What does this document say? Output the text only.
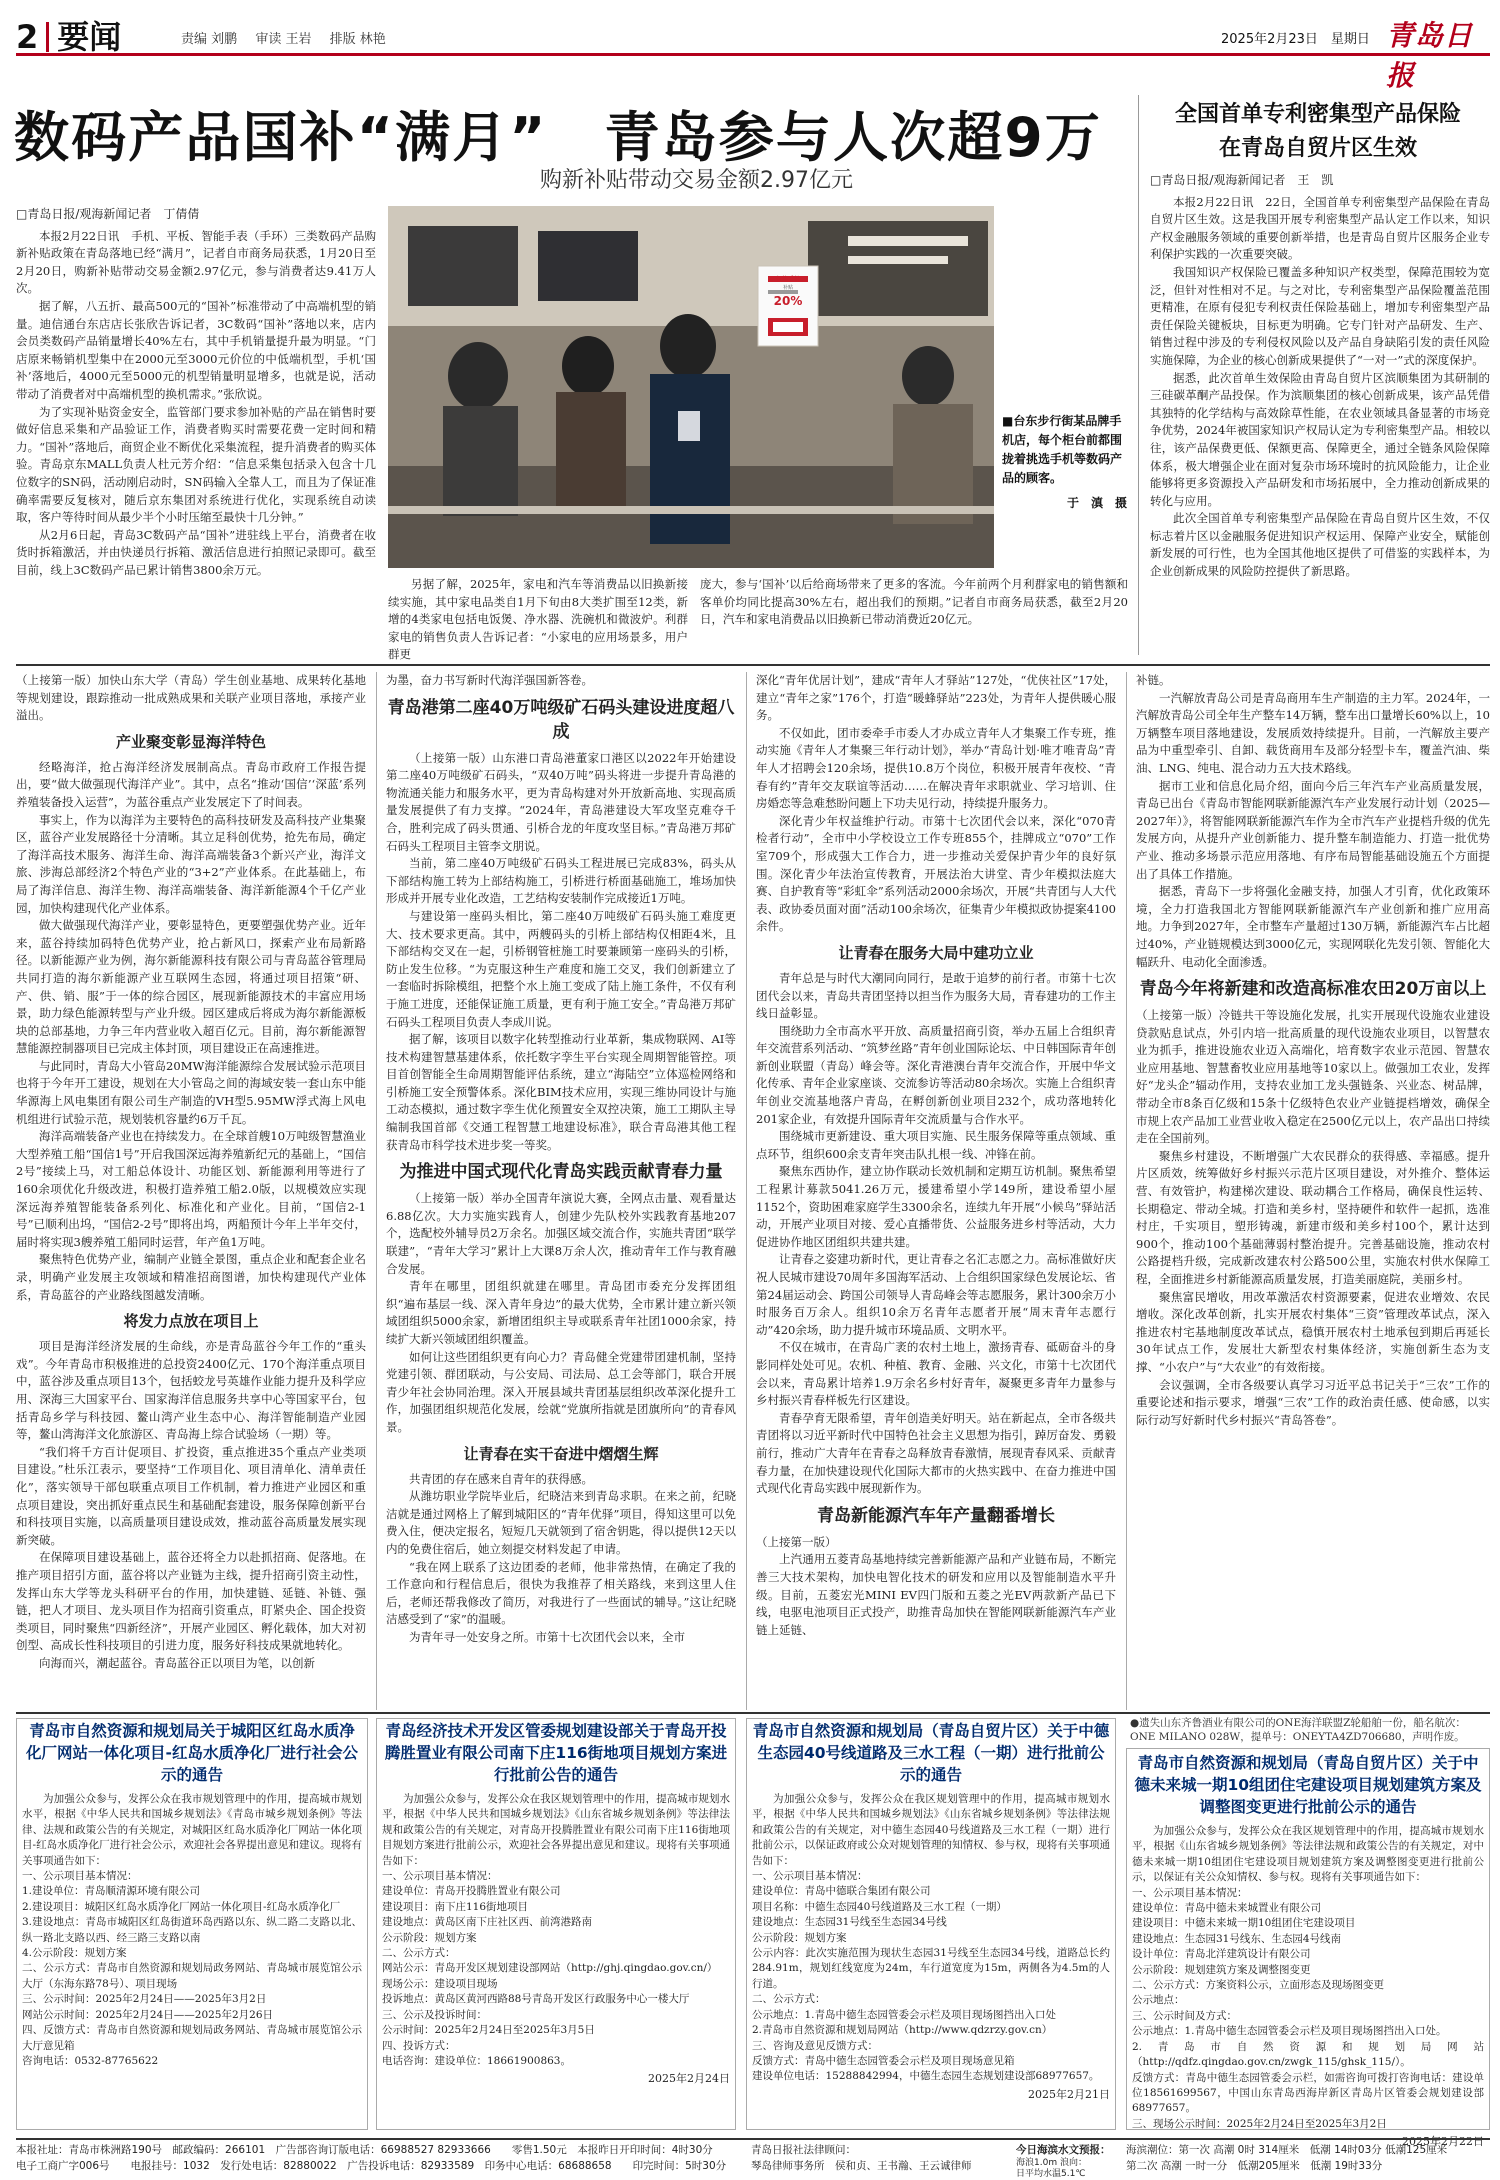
2 要闻	责编 刘鹏 审读 王岩 排版 林艳	2025年2月23日　星期日 青岛日报
数码产品国补“满月”　青岛参与人次超9万
购新补贴带动交易金额2.97亿元
全国首单专利密集型产品保险
在青岛自贸片区生效
□青岛日报/观海新闻记者　丁倩倩

本报2月22日讯　手机、平板、智能手表（手环）三类数码产品购新补贴政策在青岛落地已经“满月”，记者自市商务局获悉，1月20日至2月20日，购新补贴带动交易金额2.97亿元，参与消费者达9.41万人次。

据了解，八五折、最高500元的“国补”标准带动了中高端机型的销量。迪信通台东店店长张欣告诉记者，3C数码“国补”落地以来，店内会员类数码产品销量增长40%左右，其中手机销量提升最为明显。“门店原来畅销机型集中在2000元至3000元价位的中低端机型，手机‘国补’落地后，4000元至5000元的机型销量明显增多，也就是说，活动带动了消费者对中高端机型的换机需求。”张欣说。

为了实现补贴资金安全，监管部门要求参加补贴的产品在销售时要做好信息采集和产品验证工作，消费者购买时需要花费一定时间和精力。“国补”落地后，商贸企业不断优化采集流程，提升消费者的购买体验。青岛京东MALL负责人杜元芳介绍：“信息采集包括录入包含十几位数字的SN码，活动刚启动时，SN码输入全靠人工，而且为了保证准确率需要反复核对，随后京东集团对系统进行优化，实现系统自动读取，客户等待时间从最少半个小时压缩至最快十几分钟。”

从2月6日起，青岛3C数码产品“国补”进驻线上平台，消费者在收货时拆箱激活，并由快递员行拆箱、激活信息进行拍照记录即可。截至目前，线上3C数码产品已累计销售3800余万元。

智能手机
补贴
20%
■台东步行街某品牌手机店，每个柜台前都围拢着挑选手机等数码产品的顾客。
于　滇　摄

另据了解，2025年，家电和汽车等消费品以旧换新接续实施，其中家电品类自1月下旬由8大类扩围至12类，新增的4类家电包括电饭煲、净水器、洗碗机和微波炉。利群家电的销售负责人告诉记者：“小家电的应用场景多，用户群更

庞大，参与‘国补’以后给商场带来了更多的客流。今年前两个月利群家电的销售额和客单价均同比提高30%左右，超出我们的预期。”记者自市商务局获悉，截至2月20日，汽车和家电消费品以旧换新已带动消费近20亿元。

□青岛日报/观海新闻记者　王　凯

本报2月22日讯　22日，全国首单专利密集型产品保险在青岛自贸片区生效。这是我国开展专利密集型产品认定工作以来，知识产权金融服务领域的重要创新举措，也是青岛自贸片区服务企业专利保护实践的一次重要突破。

我国知识产权保险已覆盖多种知识产权类型，保障范围较为宽泛，但针对性相对不足。与之对比，专利密集型产品保险覆盖范围更精准，在原有侵犯专利权责任保险基础上，增加专利密集型产品责任保险关键板块，目标更为明确。它专门针对产品研发、生产、销售过程中涉及的专利侵权风险以及产品自身缺陷引发的责任风险实施保障，为企业的核心创新成果提供了“一对一”式的深度保护。

据悉，此次首单生效保险由青岛自贸片区滨顺集团为其研制的三硅碳革酮产品投保。作为滨顺集团的核心创新成果，该产品凭借其独特的化学结构与高效除草性能，在农业领域具备显著的市场竞争优势，2024年被国家知识产权局认定为专利密集型产品。相较以往，该产品保费更低、保额更高、保障更全，通过全链条风险保障体系，极大增强企业在面对复杂市场环境时的抗风险能力，让企业能够将更多资源投入产品研发和市场拓展中，全力推动创新成果的转化与应用。

此次全国首单专利密集型产品保险在青岛自贸片区生效，不仅标志着片区以金融服务促进知识产权运用、保障产业安全，赋能创新发展的可行性，也为全国其他地区提供了可借鉴的实践样本，为企业创新成果的风险防控提供了新思路。

（上接第一版）加快山东大学（青岛）学生创业基地、成果转化基地等规划建设，跟踪推动一批成熟成果和关联产业项目落地，承接产业溢出。

产业聚变彰显海洋特色

经略海洋，抢占海洋经济发展制高点。青岛市政府工作报告提出，要“做大做强现代海洋产业”。其中，点名“推动‘国信’‘深蓝’系列养殖装备投入运营”，为蓝谷重点产业发展定下了时间表。

事实上，作为以海洋为主要特色的高科技研发及高科技产业集聚区，蓝谷产业发展路径十分清晰。其立足科创优势，抢先布局，确定了海洋高技术服务、海洋生命、海洋高端装备3个新兴产业，海洋文旅、涉海总部经济2个特色产业的“3+2”产业体系。在此基础上，布局了海洋信息、海洋生物、海洋高端装备、海洋新能源4个千亿产业园，加快构建现代化产业体系。

做大做强现代海洋产业，要彰显特色，更要塑强优势产业。近年来，蓝谷持续加码特色优势产业，抢占新风口，探索产业布局新路径。以新能源产业为例，海尔新能源科技有限公司与青岛蓝谷管理局共同打造的海尔新能源产业互联网生态园，将通过项目招策“研、产、供、销、服”于一体的综合园区，展现新能源技术的丰富应用场景，助力绿色能源转型与产业升级。园区建成后将成为海尔新能源板块的总部基地，力争三年内营业收入超百亿元。目前，海尔新能源智慧能源控制器项目已完成主体封顶，项目建设正在高速推进。

与此同时，青岛大小管岛20MW海洋能源综合发展试验示范项目也将于今年开工建设，规划在大小管岛之间的海域安装一套山东中能华源海上风电集团有限公司生产制造的VH型5.95MW浮式海上风电机组进行试验示范，规划装机容量约6万千瓦。

海洋高端装备产业也在持续发力。在全球首艘10万吨级智慧渔业大型养殖工船“国信1号”开启我国深远海养殖新纪元的基础上，“国信2号”接续上马，对工船总体设计、功能区划、新能源利用等进行了160余项优化升级改进，积极打造养殖工船2.0版，以规模效应实现深远海养殖智能装备系列化、标准化和产业化。目前，“国信2-1号”已顺利出坞，“国信2-2号”即将出坞，两船预计今年上半年交付，届时将实现3艘养殖工船同时运营，年产鱼1万吨。

聚焦特色优势产业，编制产业链全景图，重点企业和配套企业名录，明确产业发展主攻领域和精准招商图谱，加快构建现代产业体系，青岛蓝谷的产业路线图越发清晰。

将发力点放在项目上

项目是海洋经济发展的生命线，亦是青岛蓝谷今年工作的“重头戏”。今年青岛市积极推进的总投资2400亿元、170个海洋重点项目中，蓝谷涉及重点项目13个，包括蛟龙号英雄作业能力提升及科学应用、深海三大国家平台、国家海洋信息服务共享中心等国家平台，包括青岛乡学与科技园、鳌山湾产业生态中心、海洋智能制造产业园等，鳌山湾海洋文化旅游区、青岛海上综合试验场（一期）等。

“我们将千方百计促项目、扩投资，重点推进35个重点产业类项目建设。”杜乐江表示，要坚持“工作项目化、项目清单化、清单责任化”，落实领导干部包联重点项目工作机制，着力推进产业园区和重点项目建设，突出抓好重点民生和基础配套建设，服务保障创新平台和科技项目实施，以高质量项目建设成效，推动蓝谷高质量发展实现新突破。

在保障项目建设基础上，蓝谷还将全力以赴抓招商、促落地。在推产项目招引方面，蓝谷将以产业链为主线，提升招商引资主动性，发挥山东大学等龙头科研平台的作用，加快建链、延链、补链、强链，把人才项目、龙头项目作为招商引资重点，盯紧央企、国企投资类项目，同时聚焦“四新经济”，开展产业园区、孵化载体，加大对初创型、高成长性科技项目的引进力度，服务好科技成果就地转化。

向海而兴，潮起蓝谷。青岛蓝谷正以项目为笔，以创新

为墨，奋力书写新时代海洋强国新答卷。

青岛港第二座40万吨级矿石码头建设进度超八成

（上接第一版）山东港口青岛港董家口港区以2022年开始建设第二座40万吨级矿石码头，“双40万吨”码头将进一步提升青岛港的物流通关能力和服务水平，更为青岛构建对外开放新高地、实现高质量发展提供了有力支撑。“2024年，青岛港建设大军攻坚克难夺千合，胜利完成了码头贯通、引桥合龙的年度攻坚目标。”青岛港万邦矿石码头工程项目主管李文朋说。

当前，第二座40万吨级矿石码头工程进展已完成83%，码头从下部结构施工转为上部结构施工，引桥进行桥面基础施工，堆场加快形成并开展专业化改造，工艺结构安装制作完成接近1万吨。

与建设第一座码头相比，第二座40万吨级矿石码头施工难度更大、技术要求更高。其中，两艘码头的引桥上部结构仅相距4米，且下部结构交叉在一起，引桥钢管桩施工时要兼顾第一座码头的引桥，防止发生位移。“为克服这种生产难度和施工交叉，我们创新建立了一套临时拆除模组，把整个水上施工变成了陆上施工条件，不仅有利于施工进度，还能保证施工质量，更有利于施工安全。”青岛港万邦矿石码头工程项目负责人李成川说。

据了解，该项目以数字化转型推动行业革新，集成物联网、AI等技术构建智慧基建体系，依托数字孪生平台实现全周期智能管控。项目首创智能全生命周期智能评估系统，建立“海陆空”立体巡检网络和引桥施工安全预警体系。深化BIM技术应用，实现三维协同设计与施工动态模拟，通过数字孪生优化预置安全双控决策，施工工期队主导编制我国首部《交通工程智慧工地建设标准》，联合青岛港其他工程获青岛市科学技术进步奖一等奖。

为推进中国式现代化青岛实践贡献青春力量

（上接第一版）举办全国青年演说大赛，全网点击量、观看量达6.88亿次。大力实施实践育人，创建少先队校外实践教育基地207个，选配校外辅导员2万余名。加强区域交流合作，实施共青团“联学联建”，“青年大学习”累计上大课8万余人次，推动青年工作与教育融合发展。

青年在哪里，团组织就建在哪里。青岛团市委充分发挥团组织“遍布基层一线、深入青年身边”的最大优势，全市累计建立新兴领域团组织5000余家，新增团组织主导或联系青年社团1000余家，持续扩大新兴领域团组织覆盖。

如何让这些团组织更有向心力？青岛健全党建带团建机制，坚持党建引领、群团联动，与公安局、司法局、总工会等部门，联合开展青少年社会协同治理。深入开展县域共青团基层组织改革深化提升工作，加强团组织规范化发展，绘就“党旗所指就是团旗所向”的青春风景。

让青春在实干奋进中熠熠生辉

共青团的存在感来自青年的获得感。

从潍坊职业学院毕业后，纪晓洁来到青岛求职。在来之前，纪晓洁就是通过网格上了解到城阳区的“青年优驿”项目，得知这里可以免费入住，便决定报名，短短几天就领到了宿舍钥匙，得以提供12天以内的免费住宿后，她立刻提交材料发起了申请。

“我在网上联系了这边团委的老师，他非常热情，在确定了我的工作意向和行程信息后，很快为我推荐了相关路线，来到这里人住后，老师还帮我修改了简历，对我进行了一些面试的辅导。”这让纪晓洁感受到了“家”的温暖。

为青年寻一处安身之所。市第十七次团代会以来，全市

深化“青年优居计划”，建成“青年人才驿站”127处，“优侠社区”17处，建立“青年之家”176个，打造“暖蜂驿站”223处，为青年人提供暖心服务。

不仅如此，团市委牵手市委人才办成立青年人才集聚工作专班，推动实施《青年人才集聚三年行动计划》，举办“青岛计划·唯才唯青岛”青年人才招聘会120余场，提供10.8万个岗位，积极开展青年夜校、“青春有约”青年交友联谊等活动……在解决青年求职就业、学习培训、住房婚恋等急难愁盼问题上下功夫见行动，持续提升服务力。

深化青少年权益维护行动。市第十七次团代会以来，深化“070青检者行动”，全市中小学校设立工作专班855个，挂牌成立“070”工作室709个，形成强大工作合力，进一步推动关爱保护青少年的良好氛围。深化青少年法治宣传教育，开展法治大讲堂、青少年模拟法庭大赛、自护教育等“彩虹伞”系列活动2000余场次，开展“共青团与人大代表、政协委员面对面”活动100余场次，征集青少年模拟政协提案4100余件。

让青春在服务大局中建功立业

青年总是与时代大潮同向同行，是敢于追梦的前行者。市第十七次团代会以来，青岛共青团坚持以担当作为服务大局，青春建功的工作主线日益彰显。

围绕助力全市高水平开放、高质量招商引资，举办五届上合组织青年交流营系列活动、“筑梦丝路”青年创业国际论坛、中日韩国际青年创新创业联盟（青岛）峰会等。深化青港澳台青年交流合作，开展中华文化传承、青年企业家座谈、交流参访等活动80余场次。实施上合组织青年创业交流基地落户青岛，在孵创新创业项目232个，成功落地转化201家企业，有效提升国际青年交流质量与合作水平。

围绕城市更新建设、重大项目实施、民生服务保障等重点领域、重点环节，组织600余支青年突击队扎根一线、冲锋在前。

聚焦东西协作，建立协作联动长效机制和定期互访机制。聚焦希望工程累计募款5041.26万元，援建希望小学149所，建设希望小屋1152个，资助困难家庭学生3300余名，连续九年开展“小候鸟”驿站活动，开展产业项目对接、爱心直播带货、公益服务进乡村等活动，大力促进协作地区团组织共建共建。

让青春之姿建功新时代，更让青春之名汇志愿之力。高标准做好庆祝人民城市建设70周年多国海军活动、上合组织国家绿色发展论坛、省第24届运动会、跨国公司领导人青岛峰会等志愿服务，累计300余万小时服务百万余人。组织10余万名青年志愿者开展“周末青年志愿行动”420余场，助力提升城市环境品质、文明水平。

不仅在城市，在青岛广袤的农村土地上，激扬青春、砥砺奋斗的身影同样处处可见。农机、种植、教育、金融、兴文化，市第十七次团代会以来，青岛累计培养1.9万余名乡村好青年，凝聚更多青年力量参与乡村振兴青春样板先行区建设。

青春孕育无限希望，青年创造美好明天。站在新起点，全市各级共青团将以习近平新时代中国特色社会主义思想为指引，踔厉奋发、勇毅前行，推动广大青年在青春之岛释放青春激情，展现青春风采、贡献青春力量，在加快建设现代化国际大都市的火热实践中、在奋力推进中国式现代化青岛实践中展现新作为。

青岛新能源汽车年产量翻番增长

（上接第一版）

上汽通用五菱青岛基地持续完善新能源产品和产业链布局，不断完善三大技术架构，加快电智化技术的研发和应用以及智能制造水平升级。目前，五菱宏光MINI EV四门版和五菱之光EV两款新产品已下线，电驱电池项目正式投产，助推青岛加快在智能网联新能源汽车产业链上延链、

补链。

一汽解放青岛公司是青岛商用车生产制造的主力军。2024年，一汽解放青岛公司全年生产整车14万辆，整车出口量增长60%以上，10万辆整车项目落地建设，发展质效持续提升。目前，一汽解放主要产品为中重型牵引、自卸、载货商用车及部分轻型卡车，覆盖汽油、柴油、LNG、纯电、混合动力五大技术路线。

据市工业和信息化局介绍，面向今后三年汽车产业高质量发展，青岛已出台《青岛市智能网联新能源汽车产业发展行动计划（2025—2027年）》，将智能网联新能源汽车作为全市汽车产业提档升级的优先发展方向，从提升产业创新能力、提升整车制造能力、打造一批优势产业、推动多场景示范应用落地、有序布局智能基础设施五个方面提出了具体工作措施。

据悉，青岛下一步将强化金融支持，加强人才引育，优化政策环境，全力打造我国北方智能网联新能源汽车产业创新和推广应用高地。力争到2027年，全市整车产量超过130万辆，新能源汽车占比超过40%，产业链规模达到3000亿元，实现网联化先发引领、智能化大幅跃升、电动化全面渗透。

青岛今年将新建和改造高标准农田20万亩以上

（上接第一版）冷链共干等设施化发展，扎实开展现代设施农业建设贷款贴息试点，外引内培一批高质量的现代设施农业项目，以智慧农业为抓手，推进设施农业迈入高端化，培育数字农业示范园、智慧农业应用基地、智慧畜牧业应用基地等10家以上。做强加工农业，发挥好“龙头企”辐动作用，支持农业加工龙头强链条、兴业态、树品牌，带动全市8条百亿级和15条十亿级特色农业产业链提档增效，确保全市规上农产品加工业营业收入稳定在2500亿元以上，农产品出口持续走在全国前列。

聚焦乡村建设，不断增强广大农民群众的获得感、幸福感。提升片区质效，统筹做好乡村振兴示范片区项目建设，对外推介、整体运营、有效管护，构建梯次建设、联动耦合工作格局，确保良性运转、长期稳定、带动全城。打造和美乡村，坚持硬件和软件一起抓，选准村庄，千实项目，塑形铸魂，新建市级和美乡村100个，累计达到900个，推动100个基础薄弱村整治提升。完善基础设施，推动农村公路提档升级，完成新改建农村公路500公里，实施农村供水保障工程，全面推进乡村新能源高质量发展，打造美丽庭院，美丽乡村。

聚焦富民增收，用改革激活农村资源要素，促进农业增效、农民增收。深化改革创新，扎实开展农村集体“三资”管理改革试点，深入推进农村宅基地制度改革试点，稳慎开展农村土地承包到期后再延长30年试点工作，发展壮大新型农村集体经济，实施创新生态为支撑、“小农户”与“大农业”的有效衔接。

会议强调，全市各级要认真学习习近平总书记关于“三农”工作的重要论述和指示要求，增强“三农”工作的政治责任感、使命感，以实际行动写好新时代乡村振兴“青岛答卷”。

青岛市自然资源和规划局关于城阳区红岛水质净化厂网站一体化项目-红岛水质净化厂进行社会公示的通告

为加强公众参与，发挥公众在我市规划管理中的作用，提高城市规划水平，根据《中华人民共和国城乡规划法》《青岛市城乡规划条例》等法律、法规和政策公告的有关规定，对城阳区红岛水质净化厂网站一体化项目-红岛水质净化厂进行社会公示，欢迎社会各界提出意见和建议。现将有关事项通告如下：

一、公示项目基本情况：
1.建设单位：青岛顺清源环境有限公司
2.建设项目：城阳区红岛水质净化厂网站一体化项目-红岛水质净化厂
3.建设地点：青岛市城阳区红岛街道环岛西路以东、纵二路二支路以北、纵一路北支路以西、经三路三支路以南
4.公示阶段：规划方案
二、公示方式：青岛市自然资源和规划局政务网站、青岛城市展览馆公示大厅（东海东路78号）、项目现场
三、公示时间：2025年2月24日——2025年3月2日
网站公示时间：2025年2月24日——2025年2月26日
四、反馈方式：青岛市自然资源和规划局政务网站、青岛城市展览馆公示大厅意见箱
咨询电话：0532-87765622
青岛经济技术开发区管委规划建设部关于青岛开投腾胜置业有限公司南下庄116街地项目规划方案进行批前公告的通告

为加强公众参与，发挥公众在我区规划管理中的作用，提高城市规划水平，根据《中华人民共和国城乡规划法》《山东省城乡规划条例》等法律法规和政策公告的有关规定，对青岛开投腾胜置业有限公司南下庄116街地项目规划方案进行批前公示，欢迎社会各界提出意见和建议。现将有关事项通告如下：

一、公示项目基本情况：
建设单位：青岛开投腾胜置业有限公司
建设项目：南下庄116街地项目
建设地点：黄岛区南下庄社区西、前湾港路南
公示阶段：规划方案
二、公示方式：
网站公示：青岛开发区规划建设部网站（http://ghj.qingdao.gov.cn/）
现场公示：建设项目现场
投诉地点：黄岛区黄河西路88号青岛开发区行政服务中心一楼大厅
三、公示及投诉时间：
公示时间：2025年2月24日至2025年3月5日
四、投诉方式：
电话咨询：建设单位：18661900863。
2025年2月24日
青岛市自然资源和规划局（青岛自贸片区）关于中德生态园40号线道路及三水工程（一期）进行批前公示的通告

为加强公众参与，发挥公众在我区规划管理中的作用，提高城市规划水平，根据《中华人民共和国城乡规划法》《山东省城乡规划条例》等法律法规和政策公告的有关规定，对中德生态园40号线道路及三水工程（一期）进行批前公示，以保证政府或公众对规划管理的知情权、参与权，现将有关事项通告如下：

一、公示项目基本情况：
建设单位：青岛中德联合集团有限公司
项目名称：中德生态园40号线道路及三水工程（一期）
建设地点：生态园31号线至生态园34号线
公示阶段：规划方案
公示内容：此次实施范围为现状生态园31号线至生态园34号线，道路总长约284.91m，规划红线宽度为24m，车行道宽度为15m，两侧各为4.5m的人行道。
二、公示方式：
公示地点：1.青岛中德生态园管委会示栏及项目现场图挡出入口处
2.青岛市自然资源和规划局网站（http://www.qdzrzy.gov.cn）
三、咨询及意见反馈方式：
反馈方式：青岛中德生态园管委会示栏及项目现场意见箱
建设单位电话：15288842994，中德生态园生态规划建设部68977657。
2025年2月21日
●遗失山东齐鲁酒业有限公司的ONE海洋联盟Z轮船舶一份，船名航次：ONE MILANO 028W，提单号：ONEYTA4ZD706680，声明作废。
青岛市自然资源和规划局（青岛自贸片区）关于中德未来城一期10组团住宅建设项目规划建筑方案及调整图变更进行批前公示的通告

为加强公众参与，发挥公众在我区规划管理中的作用，提高城市规划水平，根据《山东省城乡规划条例》等法律法规和政策公告的有关规定，对中德未来城一期10组团住宅建设项目规划建筑方案及调整图变更进行批前公示，以保证有关公众知情权、参与权。现将有关事项通告如下：

一、公示项目基本情况：
建设单位：青岛中德未来城置业有限公司
建设项目：中德未来城一期10组团住宅建设项目
建设地点：生态园31号线东、生态园4号线南
设计单位：青岛北洋建筑设计有限公司
公示阶段：规划建筑方案及调整图变更
二、公示方式：方案资料公示，立面形态及现场图变更
公示地点：
三、公示时间及方式：
公示地点：1.青岛中德生态园管委会示栏及项目现场图挡出入口处。
2.青岛市自然资源和规划局网站（http://qdfz.qingdao.gov.cn/zwgk_115/ghsk_115/）。
反馈方式：青岛中德生态园管委会示栏，如需咨询可拨打咨询电话：建设单位18561699567，中国山东青岛西海岸新区青岛片区管委会规划建设部68977657。
三、现场公示时间：2025年2月24日至2025年3月2日
2025年2月22日
本报社址：青岛市株洲路190号　邮政编码：266101　广告部咨询订版电话：66988527 82933666　　零售1.50元　本报昨日开印时间：4时30分
电子工商广字006号　　电报挂号：1032　发行处电话：82880022　广告投诉电话：82933589　印务中心电话：68688658　　印完时间：5时30分
青岛日报社法律顾问：
琴岛律师事务所　侯和贞、王书瀚、王云诚律师
今日海滨水文预报：
海浪1.0m 浪向：
日平均水温5.1℃
海滨潮位：第一次 高潮 0时 314厘米　低潮 14时03分 低潮125厘米
第二次 高潮 一时一分　低潮205厘米　低潮 19时33分
